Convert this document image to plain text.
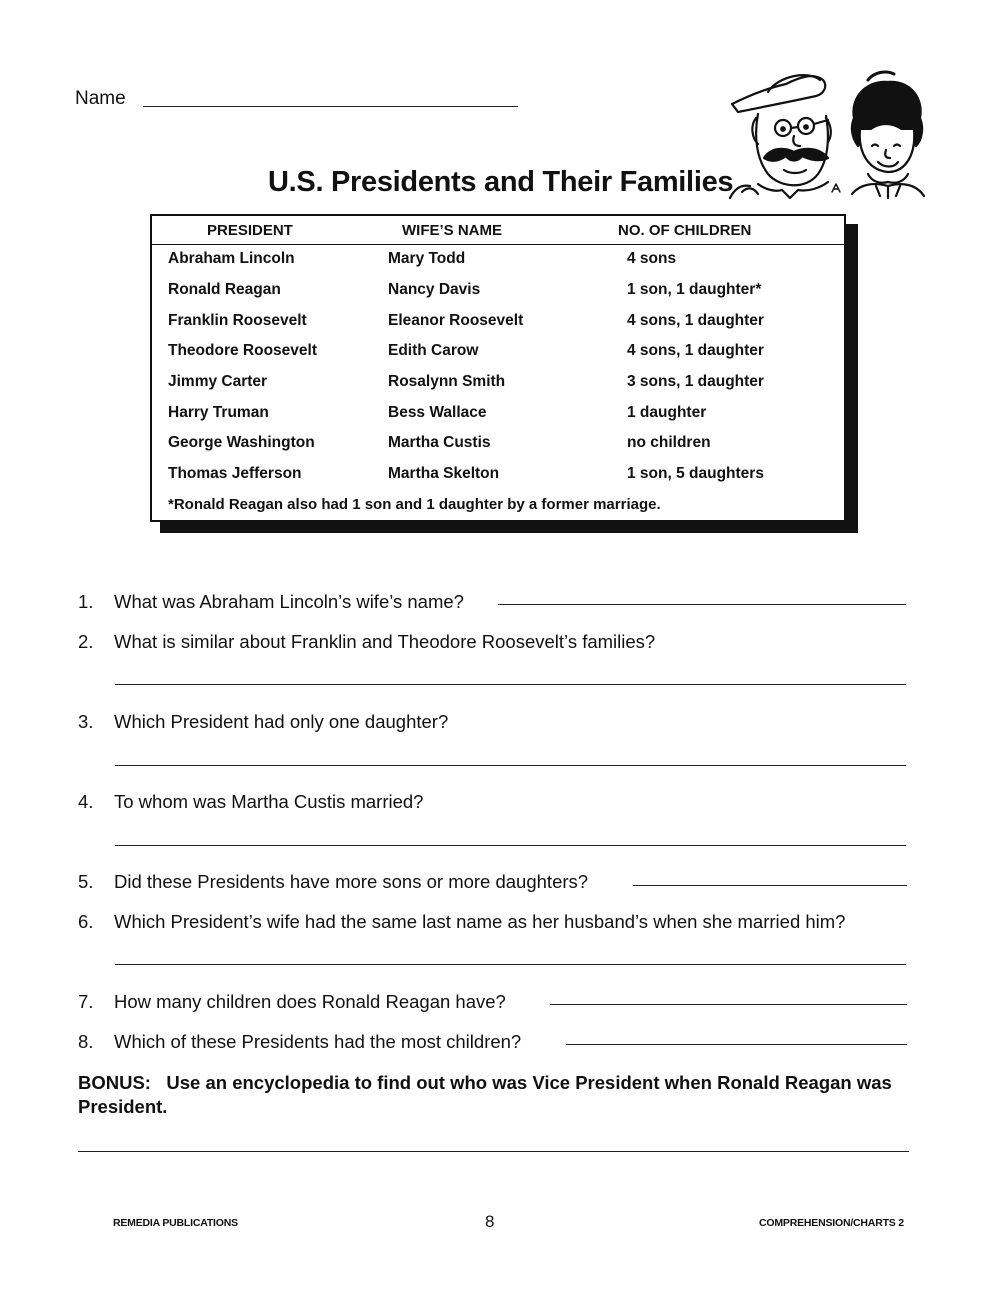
Name
U.S. Presidents and Their Families
PRESIDENT	WIFE’S NAME	NO. OF CHILDREN
Abraham Lincoln	Mary Todd	4 sons
Ronald Reagan	Nancy Davis	1 son, 1 daughter*
Franklin Roosevelt	Eleanor Roosevelt	4 sons, 1 daughter
Theodore Roosevelt	Edith Carow	4 sons, 1 daughter
Jimmy Carter	Rosalynn Smith	3 sons, 1 daughter
Harry Truman	Bess Wallace	1 daughter
George Washington	Martha Custis	no children
Thomas Jefferson	Martha Skelton	1 son, 5 daughters
*Ronald Reagan also had 1 son and 1 daughter by a former marriage.
1. What was Abraham Lincoln’s wife’s name?
2. What is similar about Franklin and Theodore Roosevelt’s families?
3. Which President had only one daughter?
4. To whom was Martha Custis married?
5. Did these Presidents have more sons or more daughters?
6. Which President’s wife had the same last name as her husband’s when she married him?
7. How many children does Ronald Reagan have?
8. Which of these Presidents had the most children?
BONUS: Use an encyclopedia to find out who was Vice President when Ronald Reagan was President.
REMEDIA PUBLICATIONS	8	COMPREHENSION/CHARTS 2
